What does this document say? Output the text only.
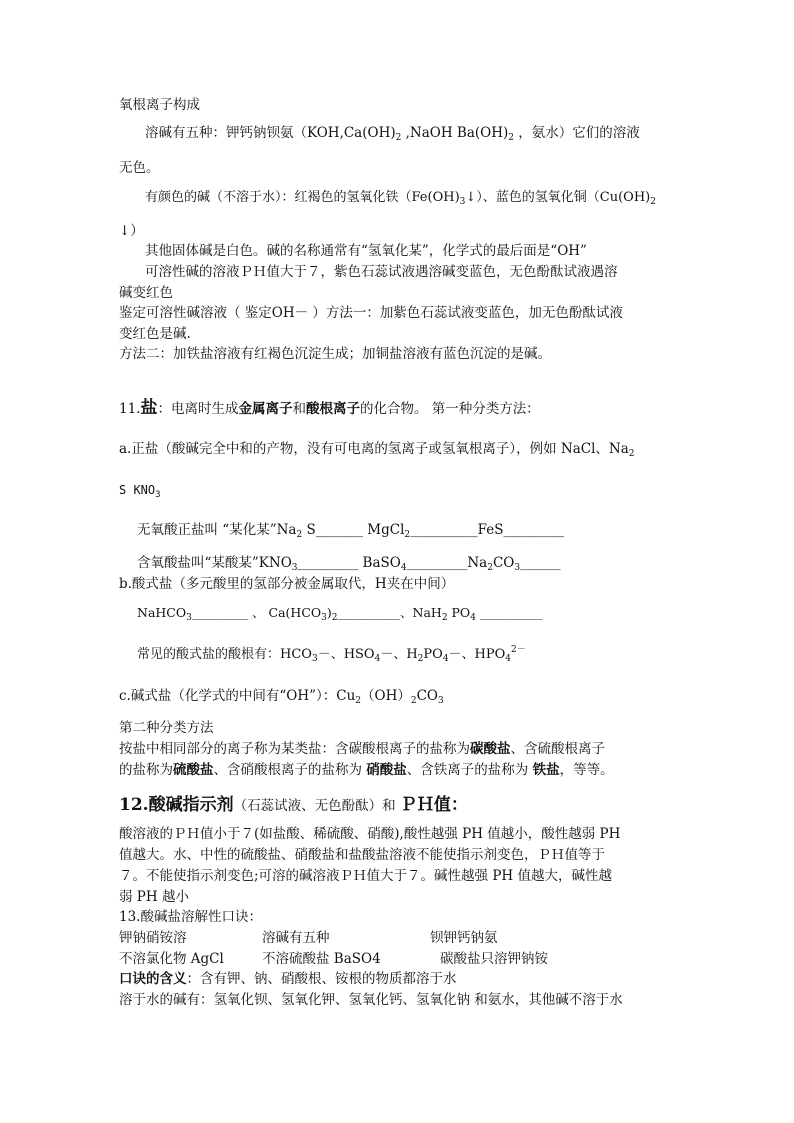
氧根离子构成
溶碱有五种：钾钙钠钡氨（$KOH,Ca(OH)_2$ ,NaOH $Ba(OH)_2$ ，氨水）它们的溶液
无色。
有颜色的碱（不溶于水）：红褐色的氢氧化铁$(Fe(OH)_3↓)$、蓝色的氢氧化铜（$Cu(OH)_2$
↓）
其他固体碱是白色。碱的名称通常有“氢氧化某”，化学式的最后面是“OH”
可溶性碱的溶液ＰＨ值大于７，紫色石蕊试液遇溶碱变蓝色，无色酚酞试液遇溶
碱变红色
鉴定可溶性碱溶液（ 鉴定OH－ ）方法一：加紫色石蕊试液变蓝色，加无色酚酞试液
变红色是碱.
方法二：加铁盐溶液有红褐色沉淀生成；加铜盐溶液有蓝色沉淀的是碱。
11.盐：电离时生成金属离子和酸根离子的化合物。 第一种分类方法：
a.正盐（酸碱完全中和的产物，没有可电离的氢离子或氢氧根离子），例如 NaCl、$Na_2$
S $KNO_3$
无氧酸正盐叫 “某化某$”Na_2$ S_______ MgCl$_2$__________FeS_________
含氧酸盐叫“某酸某$”KNO_3\_\_\_\_\_\_\_\_\_$ $BaSO_4\_\_\_\_\_\_\_\_\_Na_2CO_3\_\_\_\_\_\_$
b.酸式盐（多元酸里的氢部分被金属取代，H夹在中间）
NaHCO$_3$_________ 、 $Ca(HCO_3)_2\_\_\_\_\_\_\_\_\_\_$、NaH$_2$ $PO_4$ __________
常见的酸式盐的酸根有：$HCO_3-$、$HSO_4-$、$H_2PO_4-$、$HPO_4^{2-}$
c.碱式盐（化学式的中间有“OH”）：$Cu_2(OH)_2CO_3$
第二种分类方法
按盐中相同部分的离子称为某类盐：含碳酸根离子的盐称为碳酸盐、含硫酸根离子
的盐称为硫酸盐、含硝酸根离子的盐称为 硝酸盐、含铁离子的盐称为 铁盐，等等。
12.酸碱指示剂（石蕊试液、无色酚酞）和 ＰＨ值：
酸溶液的ＰＨ值小于７(如盐酸、稀硫酸、硝酸),酸性越强 PH 值越小，酸性越弱 PH
值越大。水、中性的硫酸盐、硝酸盐和盐酸盐溶液不能使指示剂变色，ＰＨ值等于
７。不能使指示剂变色;可溶的碱溶液ＰＨ值大于７。碱性越强 PH 值越大，碱性越
弱 PH 越小
13.酸碱盐溶解性口诀：
钾钠硝铵溶	溶碱有五种	钡钾钙钠氨
不溶氯化物 AgCl	不溶硫酸盐 BaSO4	碳酸盐只溶钾钠铵
口诀的含义：含有钾、钠、硝酸根、铵根的物质都溶于水
溶于水的碱有：氢氧化钡、氢氧化钾、氢氧化钙、氢氧化钠 和氨水，其他碱不溶于水
